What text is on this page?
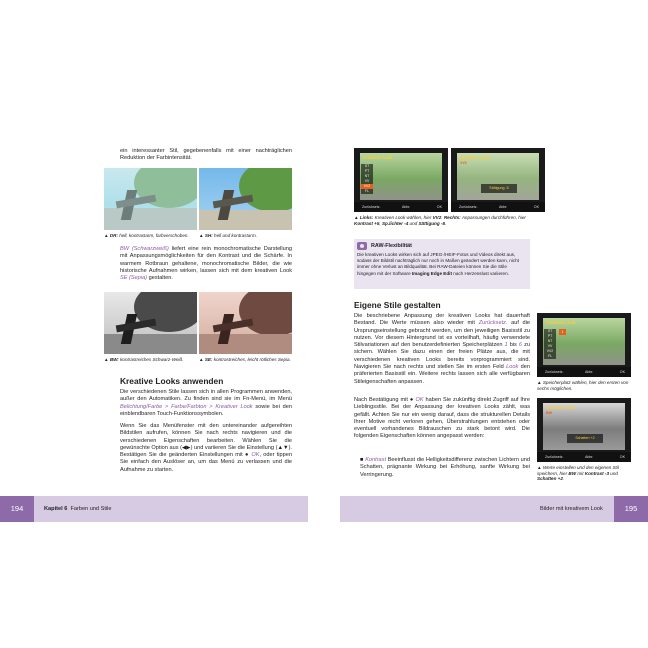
ein interessanter Stil, gegebenenfalls mit einer nachträglichen Reduktion der Farbintensität.
▲ DR: hell, kontrastarm, farbverschoben.	▲ SH: hell und kontrastarm.
BW (Schwarzweiß) liefert eine rein monochromatische Darstellung mit Anpassungsmöglichkeiten für den Kontrast und die Schärfe. In warmem Rotbraun gehaltene, monochromatische Bilder, die wie historische Aufnahmen wirken, lassen sich mit dem kreativen Look SE (Sepia) gestalten.
▲ BW: kontrastreiches Schwarz-Weiß.	▲ SE: kontrastreiches, leicht rötliches Sepia.
Kreative Looks anwenden
Die verschiedenen Stile lassen sich in allen Programmen anwenden, außer den Automatiken. Zu finden sind sie im Fn-Menü, im Menü Belichtung/Farbe > Farbe/Farbton > Kreativer Look sowie bei den einblendbaren Touch-Funktionssymbolen.
Wenn Sie das Menüfenster mit den untereinander aufgereihten Bildstilen aufrufen, können Sie nach rechts navigieren und die verschiedenen Eigenschaften bearbeiten. Wählen Sie die gewünschte Option aus (◀▶) und variieren Sie die Einstellung (▲▼). Bestätigen Sie die geänderten Einstellungen mit ● OK, oder tippen Sie einfach den Auslöser an, um das Menü zu verlassen und die Aufnahme zu starten.
194	Kapitel 6 Farben und Stile
Kreativer Look
ST
PT
NT
VV
VV2
FL
Zurücksetz.	Abbr.	OK
Kreativer Look
VV2
Sättigung -5
Zurücksetz.	Abbr.	OK
▲ Links: Kreativen Look wählen, hier VV2. Rechts: Anpassungen durchführen, hier Kontrast +5, Sp.lichter -4 und Sättigung -5.
RAW-Flexibilität
Die kreativen Looks wirken sich auf JPEG-/HEIF-Fotos und Videos direkt aus, sodass der Bildstil nachträglich nur noch in Maßen geändert werden kann, nicht immer ohne Verlust an Bildqualität. Bei RAW-Dateien können Sie die Stile hingegen mit der Software Imaging Edge Edit nach Herzenslust variieren.
Eigene Stile gestalten
Die beschriebene Anpassung der kreativen Looks hat dauerhaft Bestand. Die Werte müssen also wieder mit Zurücksetz. auf die Ursprungseinstellung gebracht werden, um den jeweiligen Basisstil zu nutzen. Vor diesem Hintergrund ist es vorteilhaft, häufig verwendete Stilvariationen auf den benutzerdefinierten Speicherplätzen 1 bis 6 zu sichern. Wählen Sie dazu einen der freien Plätze aus, die mit verschiedenen kreativen Looks bereits vorprogrammiert sind. Navigieren Sie nach rechts und stellen Sie im ersten Feld Look den präferierten Basisstil ein. Weitere rechts lassen sich alle verfügbaren Stileigenschaften anpassen.
Nach Bestätigung mit ● OK haben Sie zukünftig direkt Zugriff auf Ihre Lieblingsstile. Bei der Anpassung der kreativen Looks zählt, was gefällt. Achten Sie nur ein wenig darauf, dass die strukturellen Details Ihrer Motive nicht verloren gehen, Überstrahlungen entstehen oder eventuell vorhandenes Bildrauschen zu stark betont wird. Die folgenden Eigenschaften können angepasst werden:
■ Kontrast Beeinflusst die Helligkeitsdifferenz zwischen Lichtern und Schatten, prägnante Wirkung bei Erhöhung, sanfte Wirkung bei Verringerung.
Kreativer Look
ST
PT
NT
VV
VV2
FL
1
Zurücksetz.	Abbr.	OK
▲ Speicherplatz wählen, hier den ersten von sechs möglichen.
Kreativer Look
BW
Schatten +2
Zurücksetz.	Abbr.	OK
▲ Werte einstellen und den eigenen Stil speichern, hier BW mit Kontrast -3 und Schatten +2.
Bilder mit kreativem Look	195
